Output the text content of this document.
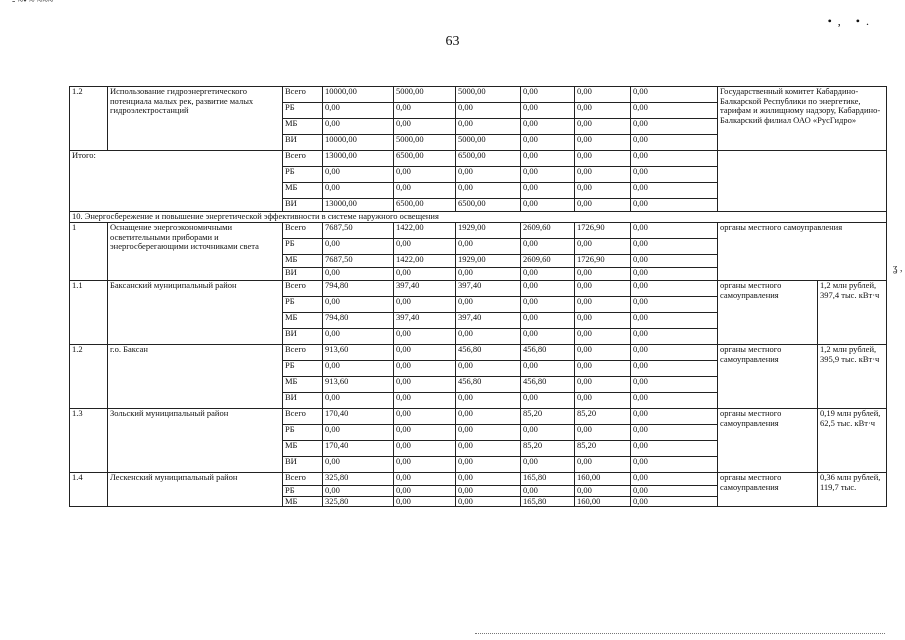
- ~• ~ ~~~
•, •.
63
ʓ ,
1.2	Использование гидроэнергетического потенциала малых рек, развитие малых гидроэлектростанций	Всего	10000,00	5000,00	5000,00	0,00	0,00	0,00	Государственный комитет Кабардино-Балкарской Республики по энергетике, тарифам и жилищному надзору, Кабардино-Балкарский филиал ОАО «РусГидро»	
		РБ	0,00	0,00	0,00	0,00	0,00	0,00		
		МБ	0,00	0,00	0,00	0,00	0,00	0,00		
		ВИ	10000,00	5000,00	5000,00	0,00	0,00	0,00		
Итого:		Всего	13000,00	6500,00	6500,00	0,00	0,00	0,00		
		РБ	0,00	0,00	0,00	0,00	0,00	0,00		
		МБ	0,00	0,00	0,00	0,00	0,00	0,00		
		ВИ	13000,00	6500,00	6500,00	0,00	0,00	0,00		
10. Энергосбережение и повышение энергетической эффективности в системе наружного освещения										
1	Оснащение энергоэкономичными осветительными приборами и энергосберегающими источниками света	Всего	7687,50	1422,00	1929,00	2609,60	1726,90	0,00	органы местного самоуправления	
		РБ	0,00	0,00	0,00	0,00	0,00	0,00		
		МБ	7687,50	1422,00	1929,00	2609,60	1726,90	0,00		
		ВИ	0,00	0,00	0,00	0,00	0,00	0,00		
1.1	Баксанский муниципальный район	Всего	794,80	397,40	397,40	0,00	0,00	0,00	органы местного самоуправления	1,2 млн рублей, 397,4 тыс. кВт·ч
		РБ	0,00	0,00	0,00	0,00	0,00	0,00		
		МБ	794,80	397,40	397,40	0,00	0,00	0,00		
		ВИ	0,00	0,00	0,00	0,00	0,00	0,00		
1.2	г.о. Баксан	Всего	913,60	0,00	456,80	456,80	0,00	0,00	органы местного самоуправления	1,2 млн рублей, 395,9 тыс. кВт·ч
		РБ	0,00	0,00	0,00	0,00	0,00	0,00		
		МБ	913,60	0,00	456,80	456,80	0,00	0,00		
		ВИ	0,00	0,00	0,00	0,00	0,00	0,00		
1.3	Зольский муниципальный район	Всего	170,40	0,00	0,00	85,20	85,20	0,00	органы местного самоуправления	0,19 млн рублей, 62,5 тыс. кВт·ч
		РБ	0,00	0,00	0,00	0,00	0,00	0,00		
		МБ	170,40	0,00	0,00	85,20	85,20	0,00		
		ВИ	0,00	0,00	0,00	0,00	0,00	0,00		
1.4	Лескенский муниципальный район	Всего	325,80	0,00	0,00	165,80	160,00	0,00	органы местного самоуправления	0,36 млн рублей, 119,7 тыс.
		РБ	0,00	0,00	0,00	0,00	0,00	0,00		
		МБ	325,80	0,00	0,00	165,80	160,00	0,00		
